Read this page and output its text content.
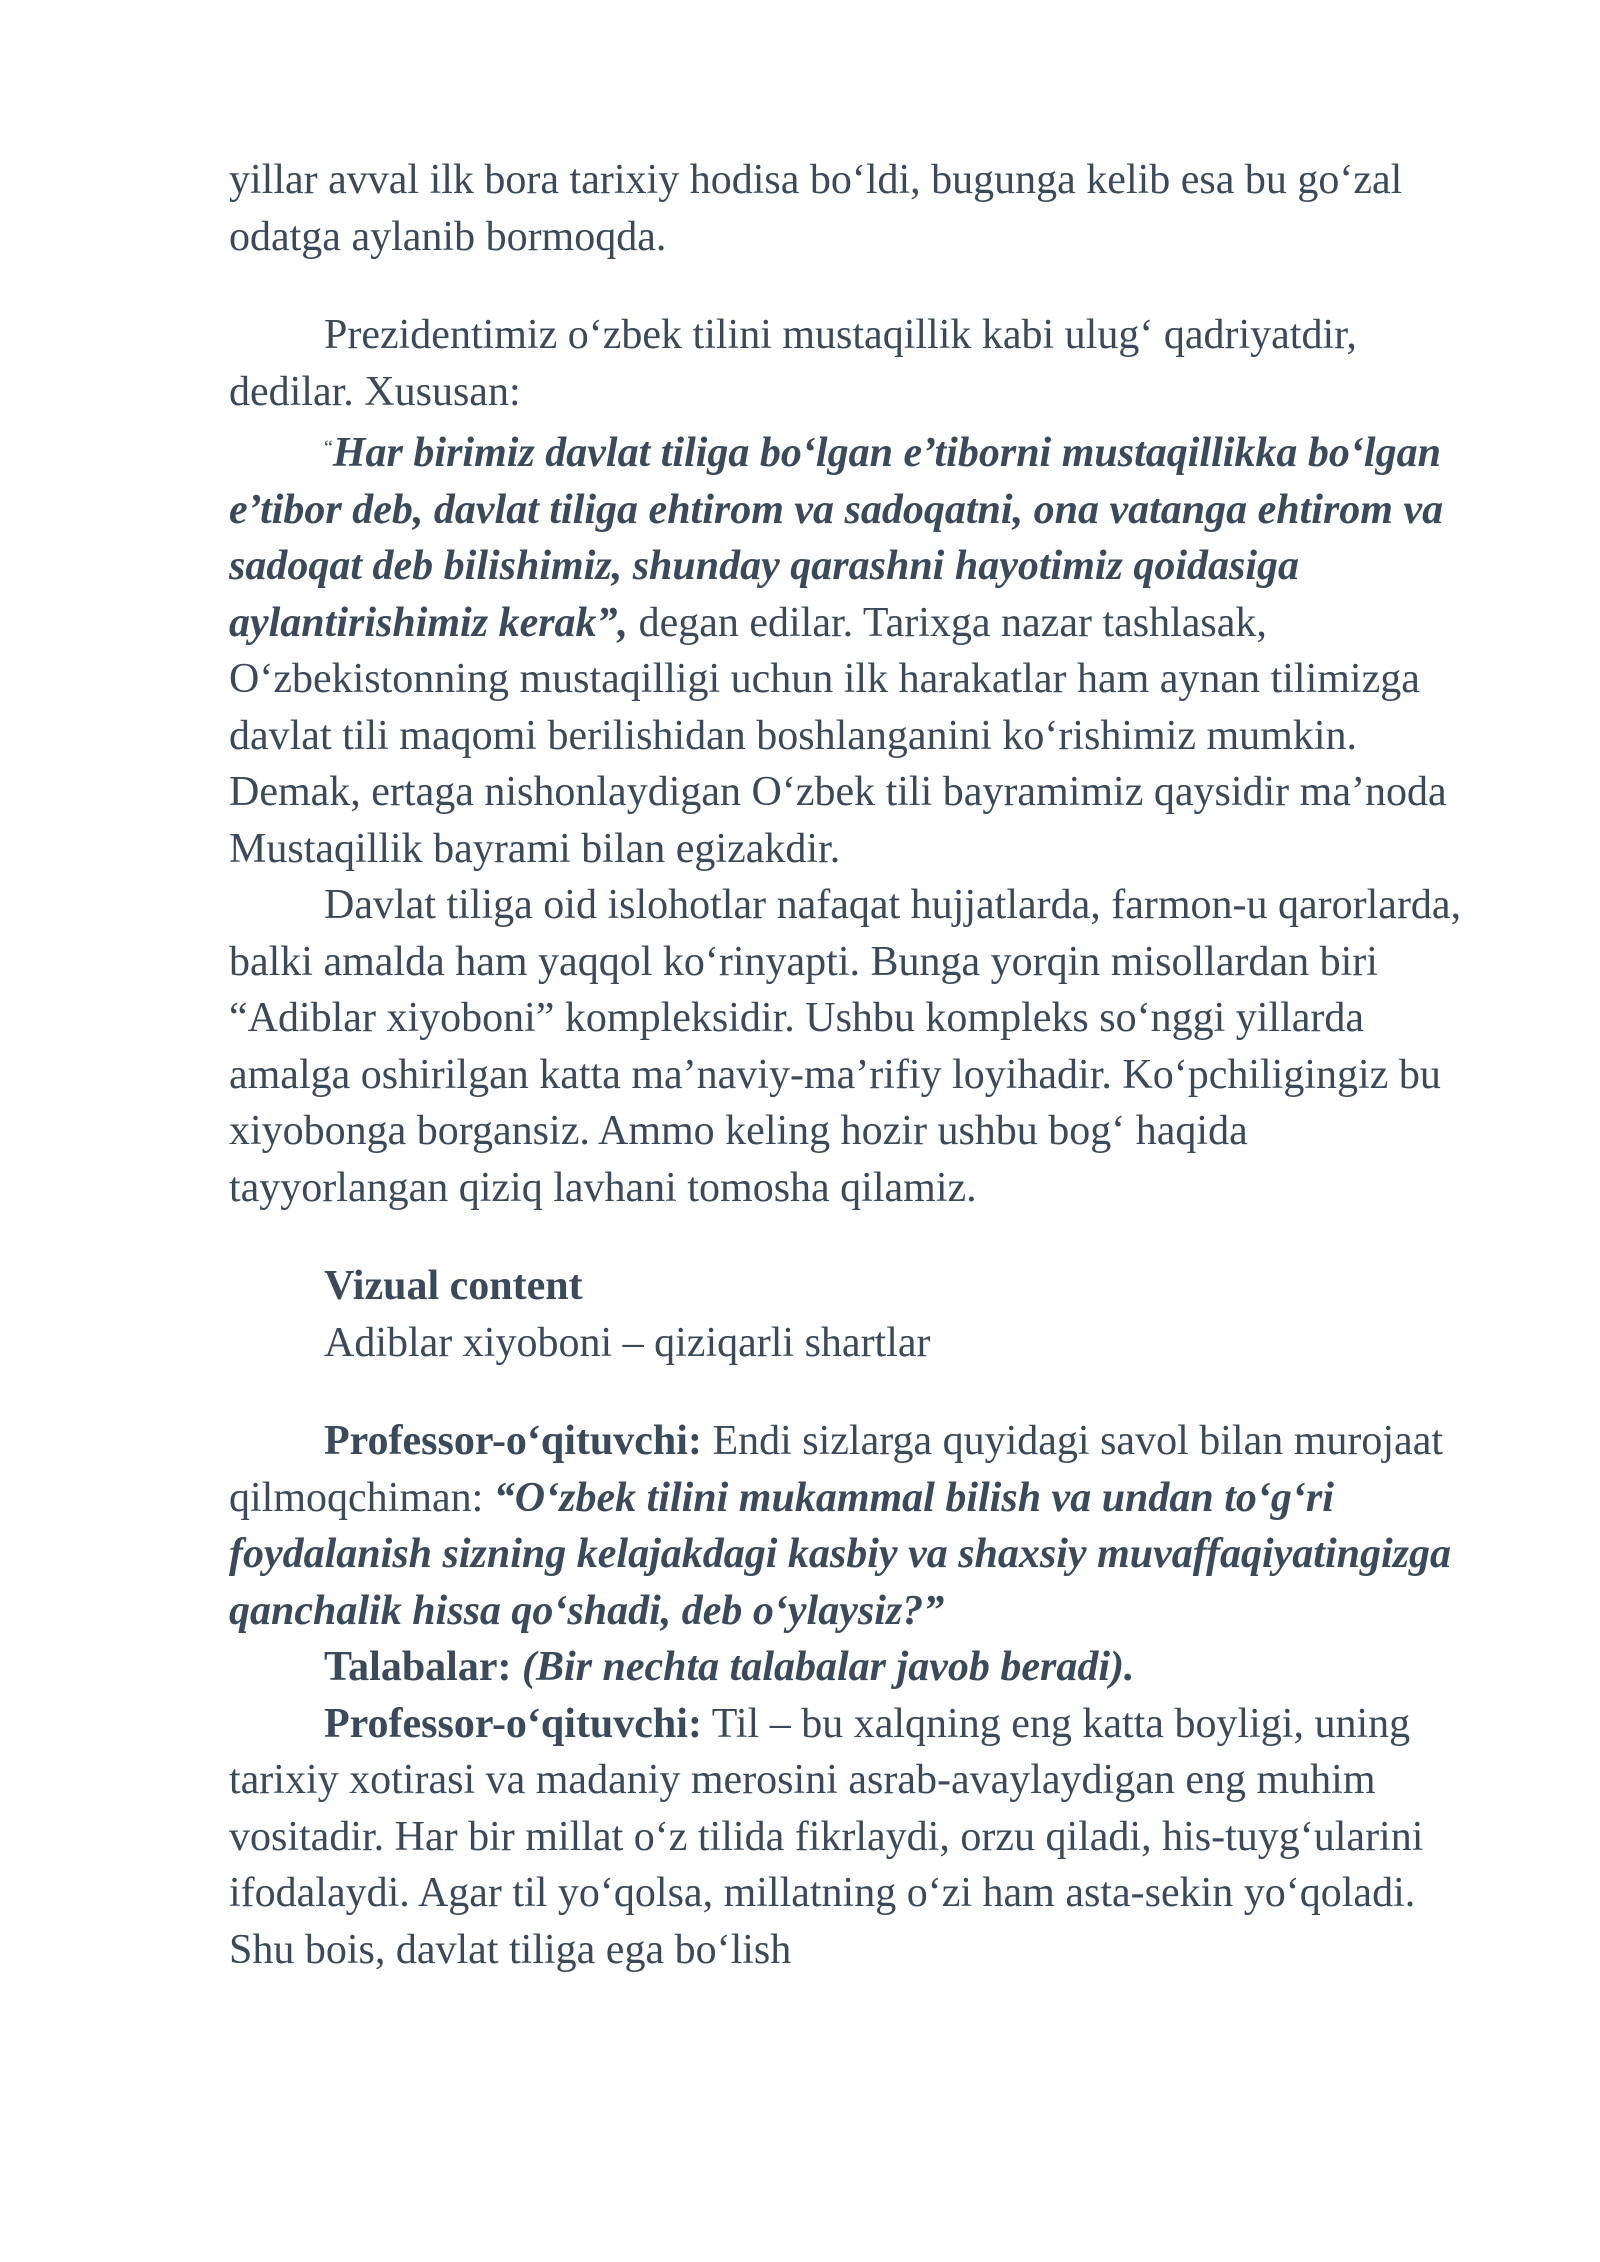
yillar avval ilk bora tarixiy hodisa bo‘ldi, bugunga kelib esa bu go‘zal odatga aylanib bormoqda.

Prezidentimiz o‘zbek tilini mustaqillik kabi ulug‘ qadriyatdir, dedilar. Xususan:

“Har birimiz davlat tiliga bo‘lgan e’tiborni mustaqillikka bo‘lgan e’tibor deb, davlat tiliga ehtirom va sadoqatni, ona vatanga ehtirom va sadoqat deb bilishimiz, shunday qarashni hayotimiz qoidasiga aylantirishimiz kerak”, degan edilar. Tarixga nazar tashlasak, O‘zbekistonning mustaqilligi uchun ilk harakatlar ham aynan tilimizga davlat tili maqomi berilishidan boshlanganini ko‘rishimiz mumkin. Demak, ertaga nishonlaydigan O‘zbek tili bayramimiz qaysidir ma’noda Mustaqillik bayrami bilan egizakdir.

Davlat tiliga oid islohotlar nafaqat hujjatlarda, farmon-u qarorlarda, balki amalda ham yaqqol ko‘rinyapti. Bunga yorqin misollardan biri “Adiblar xiyoboni” kompleksidir. Ushbu kompleks so‘nggi yillarda amalga oshirilgan katta ma’naviy-ma’rifiy loyihadir. Ko‘pchiligingiz bu xiyobonga borgansiz. Ammo keling hozir ushbu bog‘ haqida tayyorlangan qiziq lavhani tomosha qilamiz.

Vizual content

Adiblar xiyoboni – qiziqarli shartlar

Professor-o‘qituvchi: Endi sizlarga quyidagi savol bilan murojaat qilmoqchiman: “O‘zbek tilini mukammal bilish va undan to‘g‘ri foydalanish sizning kelajakdagi kasbiy va shaxsiy muvaffaqiyatingizga qanchalik hissa qo‘shadi, deb o‘ylaysiz?”

Talabalar: (Bir nechta talabalar javob beradi).

Professor-o‘qituvchi: Til – bu xalqning eng katta boyligi, uning tarixiy xotirasi va madaniy merosini asrab-avaylaydigan eng muhim vositadir. Har bir millat o‘z tilida fikrlaydi, orzu qiladi, his-tuyg‘ularini ifodalaydi. Agar til yo‘qolsa, millatning o‘zi ham asta-sekin yo‘qoladi. Shu bois, davlat tiliga ega bo‘lish
